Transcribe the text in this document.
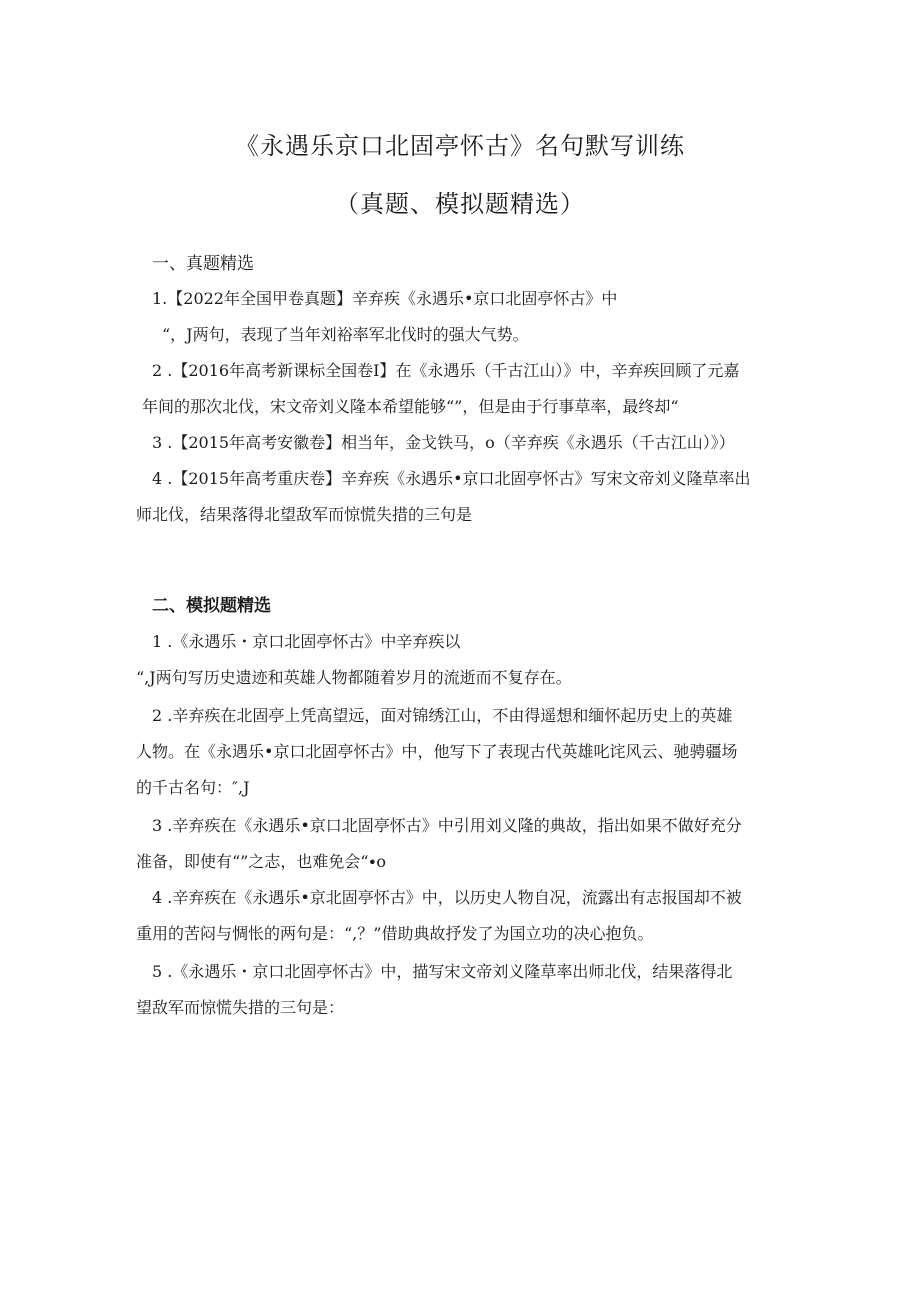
《永遇乐京口北固亭怀古》名句默写训练
（真题、模拟题精选）
一、真题精选
1.【2022年全国甲卷真题】辛弃疾《永遇乐•京口北固亭怀古》中
“，J两句，表现了当年刘裕率军北伐时的强大气势。
2 .【2016年高考新课标全国卷I】在《永遇乐（千古江山）》中，辛弃疾回顾了元嘉
年间的那次北伐，宋文帝刘义隆本希望能够“”，但是由于行事草率，最终却“
3 .【2015年高考安徽卷】相当年，金戈铁马，o（辛弃疾《永遇乐（千古江山）》）
4 .【2015年高考重庆卷】辛弃疾《永遇乐•京口北固亭怀古》写宋文帝刘义隆草率出
师北伐，结果落得北望敌军而惊慌失措的三句是
二、模拟题精选
1 .《永遇乐・京口北固亭怀古》中辛弃疾以
“,J两句写历史遗迹和英雄人物都随着岁月的流逝而不复存在。
2 .辛弃疾在北固亭上凭高望远，面对锦绣江山，不由得遥想和缅怀起历史上的英雄
人物。在《永遇乐•京口北固亭怀古》中，他写下了表现古代英雄叱诧风云、驰骋疆场
的千古名句：″,J
3 .辛弃疾在《永遇乐•京口北固亭怀古》中引用刘义隆的典故，指出如果不做好充分
准备，即使有“”之志，也难免会“∙o
4 .辛弃疾在《永遇乐•京北固亭怀古》中，以历史人物自况，流露出有志报国却不被
重用的苦闷与惆怅的两句是：“,？”借助典故抒发了为国立功的决心抱负。
5 .《永遇乐・京口北固亭怀古》中，描写宋文帝刘义隆草率出师北伐，结果落得北
望敌军而惊慌失措的三句是：
